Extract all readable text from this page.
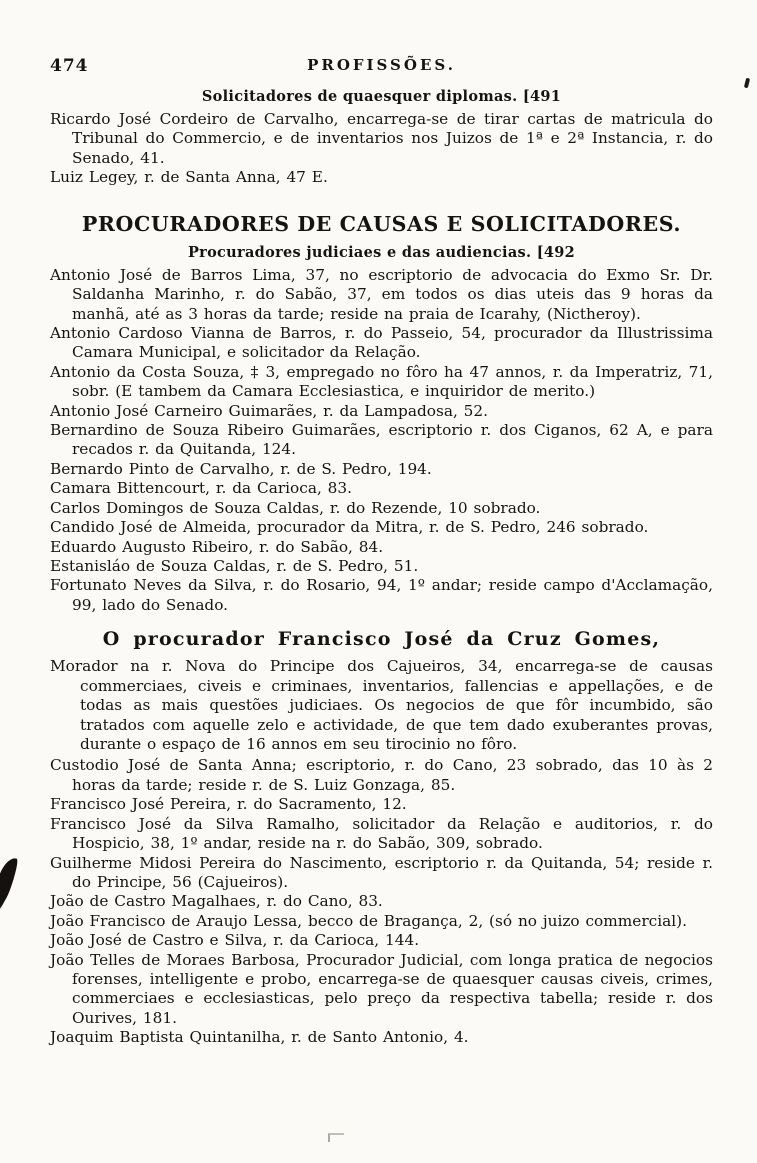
474	PROFISSÕES.
Solicitadores de quaesquer diplomas. [491

Ricardo José Cordeiro de Carvalho, encarrega-se de tirar cartas de matricula do Tribunal do Commercio, e de inventarios nos Juizos de 1ª e 2ª Instancia, r. do Senado, 41.

Luiz Legey, r. de Santa Anna, 47 E.

PROCURADORES DE CAUSAS E SOLICITADORES.
Procuradores judiciaes e das audiencias. [492

Antonio José de Barros Lima, 37, no escriptorio de advocacia do Exmo Sr. Dr. Saldanha Marinho, r. do Sabão, 37, em todos os dias uteis das 9 horas da manhã, até as 3 horas da tarde; reside na praia de Icarahy, (Nictheroy).

Antonio Cardoso Vianna de Barros, r. do Passeio, 54, procurador da Illustrissima Camara Municipal, e solicitador da Relação.

Antonio da Costa Souza, ‡ 3, empregado no fôro ha 47 annos, r. da Imperatriz, 71, sobr. (E tambem da Camara Ecclesiastica, e inquiridor de merito.)

Antonio José Carneiro Guimarães, r. da Lampadosa, 52.

Bernardino de Souza Ribeiro Guimarães, escriptorio r. dos Ciganos, 62 A, e para recados r. da Quitanda, 124.

Bernardo Pinto de Carvalho, r. de S. Pedro, 194.

Camara Bittencourt, r. da Carioca, 83.

Carlos Domingos de Souza Caldas, r. do Rezende, 10 sobrado.

Candido José de Almeida, procurador da Mitra, r. de S. Pedro, 246 sobrado.

Eduardo Augusto Ribeiro, r. do Sabão, 84.

Estanisláo de Souza Caldas, r. de S. Pedro, 51.

Fortunato Neves da Silva, r. do Rosario, 94, 1º andar; reside campo d'Acclamação, 99, lado do Senado.

O procurador Francisco José da Cruz Gomes,

Morador na r. Nova do Principe dos Cajueiros, 34, encarrega-se de causas commerciaes, civeis e criminaes, inventarios, fallencias e appellações, e de todas as mais questões judiciaes. Os negocios de que fôr incumbido, são tratados com aquelle zelo e actividade, de que tem dado exuberantes provas, durante o espaço de 16 annos em seu tirocinio no fôro.

Custodio José de Santa Anna; escriptorio, r. do Cano, 23 sobrado, das 10 às 2 horas da tarde; reside r. de S. Luiz Gonzaga, 85.

Francisco José Pereira, r. do Sacramento, 12.

Francisco José da Silva Ramalho, solicitador da Relação e auditorios, r. do Hospicio, 38, 1º andar, reside na r. do Sabão, 309, sobrado.

Guilherme Midosi Pereira do Nascimento, escriptorio r. da Quitanda, 54; reside r. do Principe, 56 (Cajueiros).

João de Castro Magalhaes, r. do Cano, 83.

João Francisco de Araujo Lessa, becco de Bragança, 2, (só no juizo commercial).

João José de Castro e Silva, r. da Carioca, 144.

João Telles de Moraes Barbosa, Procurador Judicial, com longa pratica de negocios forenses, intelligente e probo, encarrega-se de quaesquer causas civeis, crimes, commerciaes e ecclesiasticas, pelo preço da respectiva tabella; reside r. dos Ourives, 181.

Joaquim Baptista Quintanilha, r. de Santo Antonio, 4.
